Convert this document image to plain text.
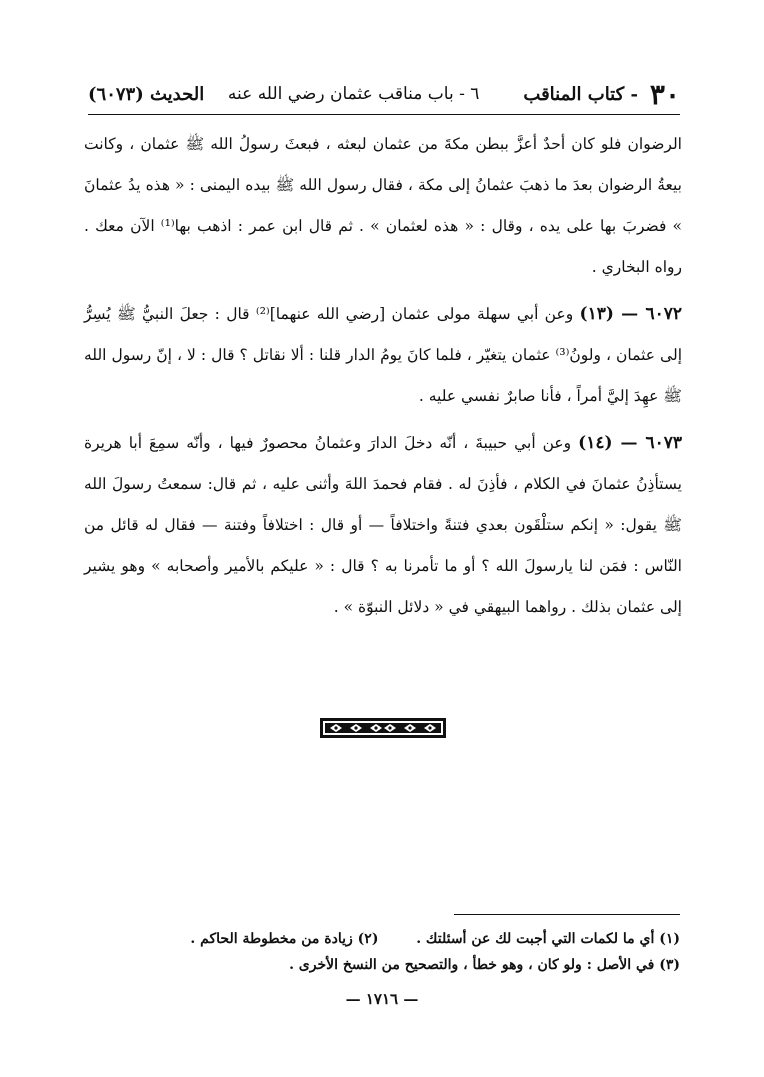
٣٠
- كتاب المناقب
٦ - باب مناقب عثمان رضي الله عنه
الحديث (٦٠٧٣)

الرضوان فلو كان أحدٌ أعزَّ ببطن مكةَ من عثمان لبعثه ، فبعثَ رسولُ الله ﷺ عثمان ، وكانت بيعةُ الرضوان بعدَ ما ذهبَ عثمانُ إلى مكة ، فقال رسول الله ﷺ بيده اليمنى : « هذه يدُ عثمانَ » فضربَ بها على يده ، وقال : « هذه لعثمان » . ثم قال ابن عمر : اذهب بها⁽¹⁾ الآن معك . رواه البخاري .

٦٠٧٢ — (١٣) وعن أبي سهلة مولى عثمان [رضي الله عنهما]⁽²⁾ قال : جعلَ النبيُّ ﷺ يُسِرُّ إلى عثمان ، ولونُ⁽³⁾ عثمان يتغيّر ، فلما كانَ يومُ الدار قلنا : ألا نقاتل ؟ قال : لا ، إنّ رسول الله ﷺ عهِدَ إليَّ أمراً ، فأنا صابرٌ نفسي عليه .

٦٠٧٣ — (١٤) وعن أبي حبيبةَ ، أنّه دخلَ الدارَ وعثمانُ محصورٌ فيها ، وأنّه سمِعَ أبا هريرة يستأذِنُ عثمانَ في الكلام ، فأذِنَ له . فقام فحمدَ اللهَ وأثنى عليه ، ثم قال: سمعتُ رسولَ الله ﷺ يقول: « إنكم ستلْقَون بعدي فتنةً واختلافاً — أو قال : اختلافاً وفتنة — فقال له قائل من النّاس : فمَن لنا يارسولَ الله ؟ أو ما تأمرنا به ؟ قال : « عليكم بالأمير وأصحابه » وهو يشير إلى عثمان بذلك . رواهما البيهقي في « دلائل النبوّة » .

(١) أي ما لكمات التي أجبت لك عن أسئلتك .  (٢) زيادة من مخطوطة الحاكم .
(٣) في الأصل : ولو كان ، وهو خطأ ، والتصحيح من النسخ الأخرى .
— ١٧١٦ —
